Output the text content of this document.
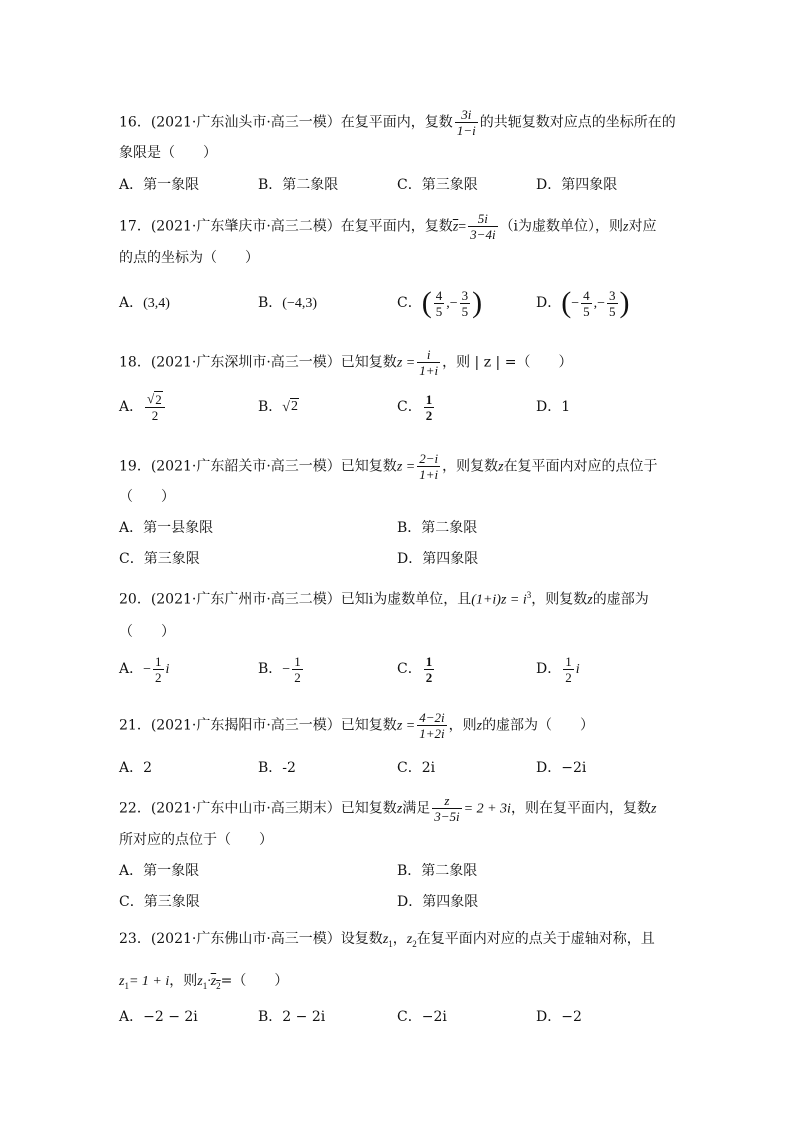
16．(2021·广东汕头市·高三一模）在复平面内，复数 $\frac{3i}{1-i}$ 的共轭复数对应点的坐标所在的
象限是（　　）
A．第一象限	B．第二象限	C．第三象限	D．第四象限
17．(2021·广东肇庆市·高三二模）在复平面内，复数$\overline{z}= \frac{5i}{3-4i} (i$为虚数单位），则z对应
的点的坐标为（　　）
A．(3,4)	B．(−4,3)	C．( $\frac{4}{5}$ ,− $\frac{3}{5}$ )	D．(− $\frac{4}{5}$ ,− $\frac{3}{5}$ )
18．(2021·广东深圳市·高三一模）已知复数$z = \frac{i}{1+i}$ ，则 | z | =（　　）
A． $\frac{√2}{2}$	B．√2	C． $\frac{1}{2}$	D．1
19．(2021·广东韶关市·高三一模）已知复数$z = \frac{2-i}{1+i}$ ，则复数z在复平面内对应的点位于
（　　）
A．第一县象限	B．第二象限
C．第三象限	D．第四象限
20．(2021·广东广州市·高三二模）已知i为虚数单位，且$(1+i)z = i^3$，则复数z的虚部为
（　　）
A．− $\frac{1}{2}$ i	B．− $\frac{1}{2}$	C． $\frac{1}{2}$	D． $\frac{1}{2}$ i
21．(2021·广东揭阳市·高三一模）已知复数$z = \frac{4-2i}{1+2i}$ ，则z的虚部为（　　）
A．2	B．-2	C．2i	D．−2i
22．(2021·广东中山市·高三期末）已知复数z满足 $\frac{z}{3-5i} = 2 + 3i$，则在复平面内，复数z
所对应的点位于（　　）
A．第一象限	B．第二象限
C．第三象限	D．第四象限
23．(2021·广东佛山市·高三一模）设复数$z_1$，$z_2$在复平面内对应的点关于虚轴对称，且
$z_1= 1 + i$，则$z_1\cdot z_2=$（　　）
A．−2 − 2i	B．2 − 2i	C．−2i	D．−2
